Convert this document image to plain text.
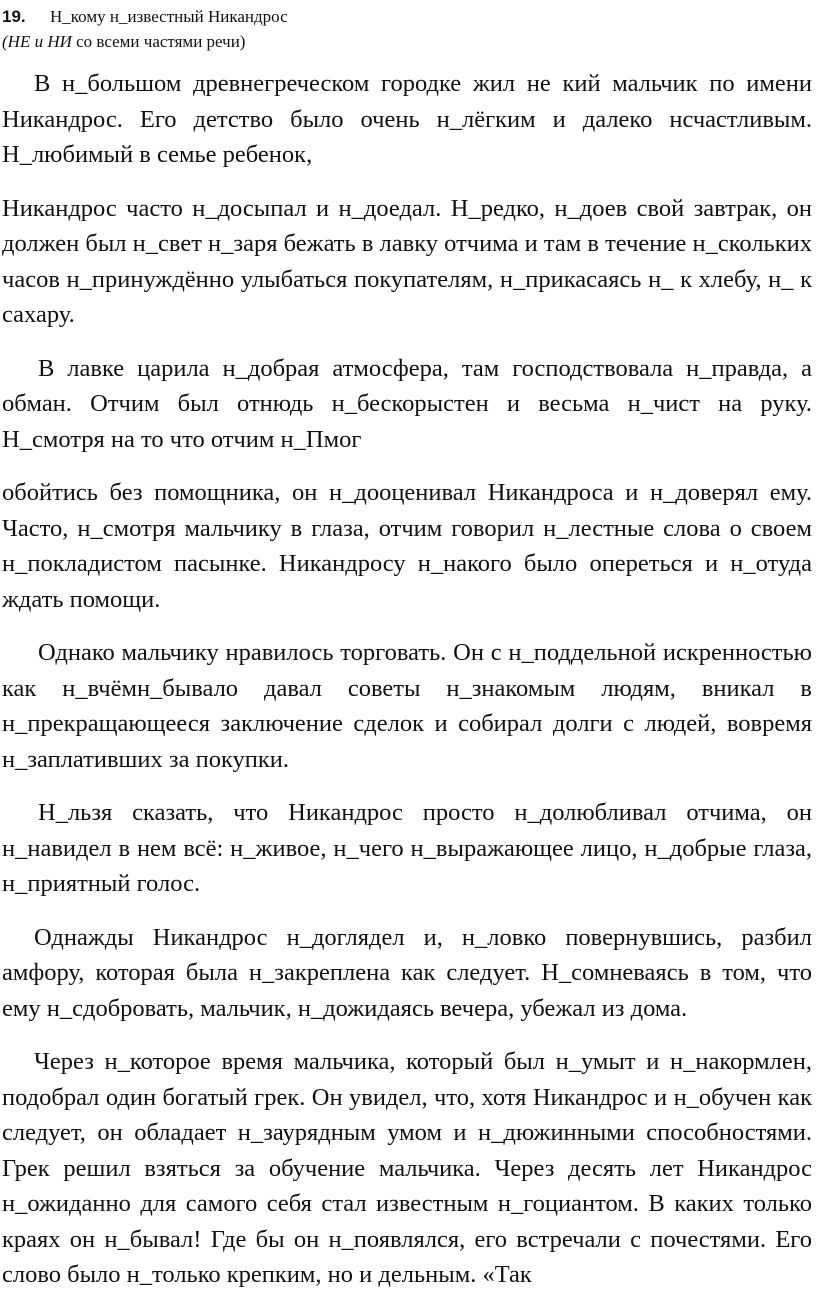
19. Н_кому н_известный Никандрос
(НЕ и НИ со всеми частями речи)

В н_большом древнегреческом городке жил не кий мальчик по имени Никандрос. Его детство было очень н_лёгким и далеко нсчастливым. Н_любимый в семье ребенок,

Никандрос часто н_досыпал и н_доедал. Н_редко, н_доев свой завтрак, он должен был н_свет н_заря бежать в лавку отчима и там в течение н_скольких часов н_принуждённо улыбаться покупателям, н_прикасаясь н_ к хлебу, н_ к сахару.

В лавке царила н_добрая атмосфера, там господствовала н_правда, а обман. Отчим был отнюдь н_бескорыстен и весьма н_чист на руку. Н_смотря на то что отчим н_Пмог

обойтись без помощника, он н_дооценивал Никандроса и н_доверял ему. Часто, н_смотря мальчику в глаза, отчим говорил н_лестные слова о своем н_покладистом пасынке. Никандросу н_накого было опереться и н_отуда ждать помощи.

Однако мальчику нравилось торговать. Он с н_поддельной искренностью как н_вчёмн_бывало давал советы н_знакомым людям, вникал в н_прекращающееся заключение сделок и собирал долги с людей, вовремя н_заплативших за покупки.

Н_льзя сказать, что Никандрос просто н_долюбливал отчима, он н_навидел в нем всё: н_живое, н_чего н_выражающее лицо, н_добрые глаза, н_приятный голос.

Однажды Никандрос н_доглядел и, н_ловко повернувшись, разбил амфору, которая была н_закреплена как следует. Н_сомневаясь в том, что ему н_сдобровать, мальчик, н_дожидаясь вечера, убежал из дома.

Через н_которое время мальчика, который был н_умыт и н_накормлен, подобрал один богатый грек. Он увидел, что, хотя Никандрос и н_обучен как следует, он обладает н_заурядным умом и н_дюжинными способностями. Грек решил взяться за обучение мальчика. Через десять лет Никандрос н_ожиданно для самого себя стал известным н_гоциантом. В каких только краях он н_бывал! Где бы он н_появлялся, его встречали с почестями. Его слово было н_только крепким, но и дельным. «Так
